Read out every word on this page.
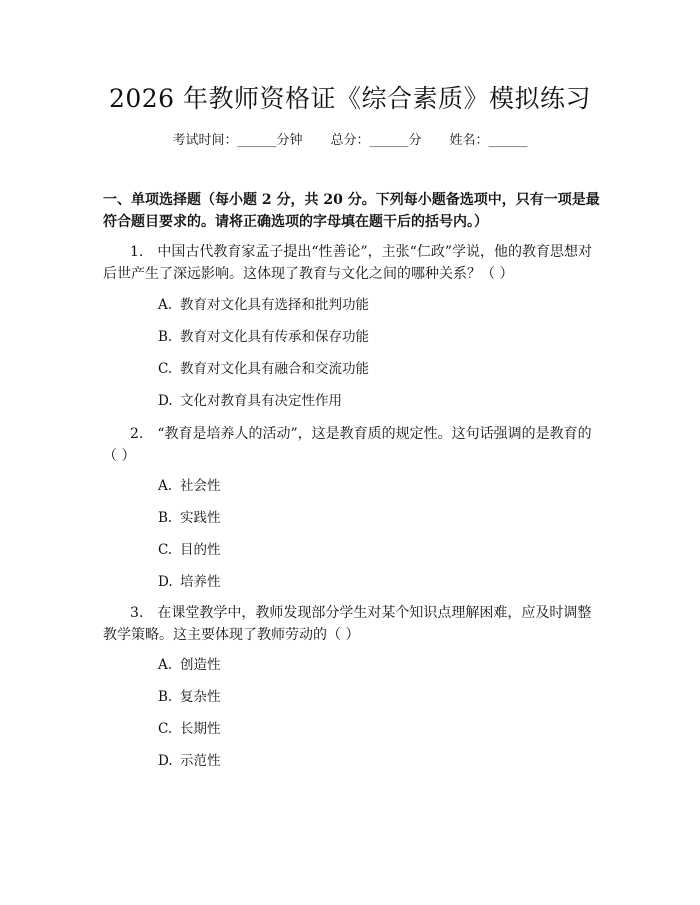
2026 年教师资格证《综合素质》模拟练习
考试时间：______分钟 总分：______分 姓名：______
一、单项选择题（每小题 2 分，共 20 分。下列每小题备选项中，只有一项是最符合题目要求的。请将正确选项的字母填在题干后的括号内。）
1. 中国古代教育家孟子提出“性善论”，主张“仁政”学说，他的教育思想对后世产生了深远影响。这体现了教育与文化之间的哪种关系？（ ）
A. 教育对文化具有选择和批判功能
B. 教育对文化具有传承和保存功能
C. 教育对文化具有融合和交流功能
D. 文化对教育具有决定性作用
2. “教育是培养人的活动”，这是教育质的规定性。这句话强调的是教育的（ ）
A. 社会性
B. 实践性
C. 目的性
D. 培养性
3. 在课堂教学中，教师发现部分学生对某个知识点理解困难，应及时调整教学策略。这主要体现了教师劳动的（ ）
A. 创造性
B. 复杂性
C. 长期性
D. 示范性
